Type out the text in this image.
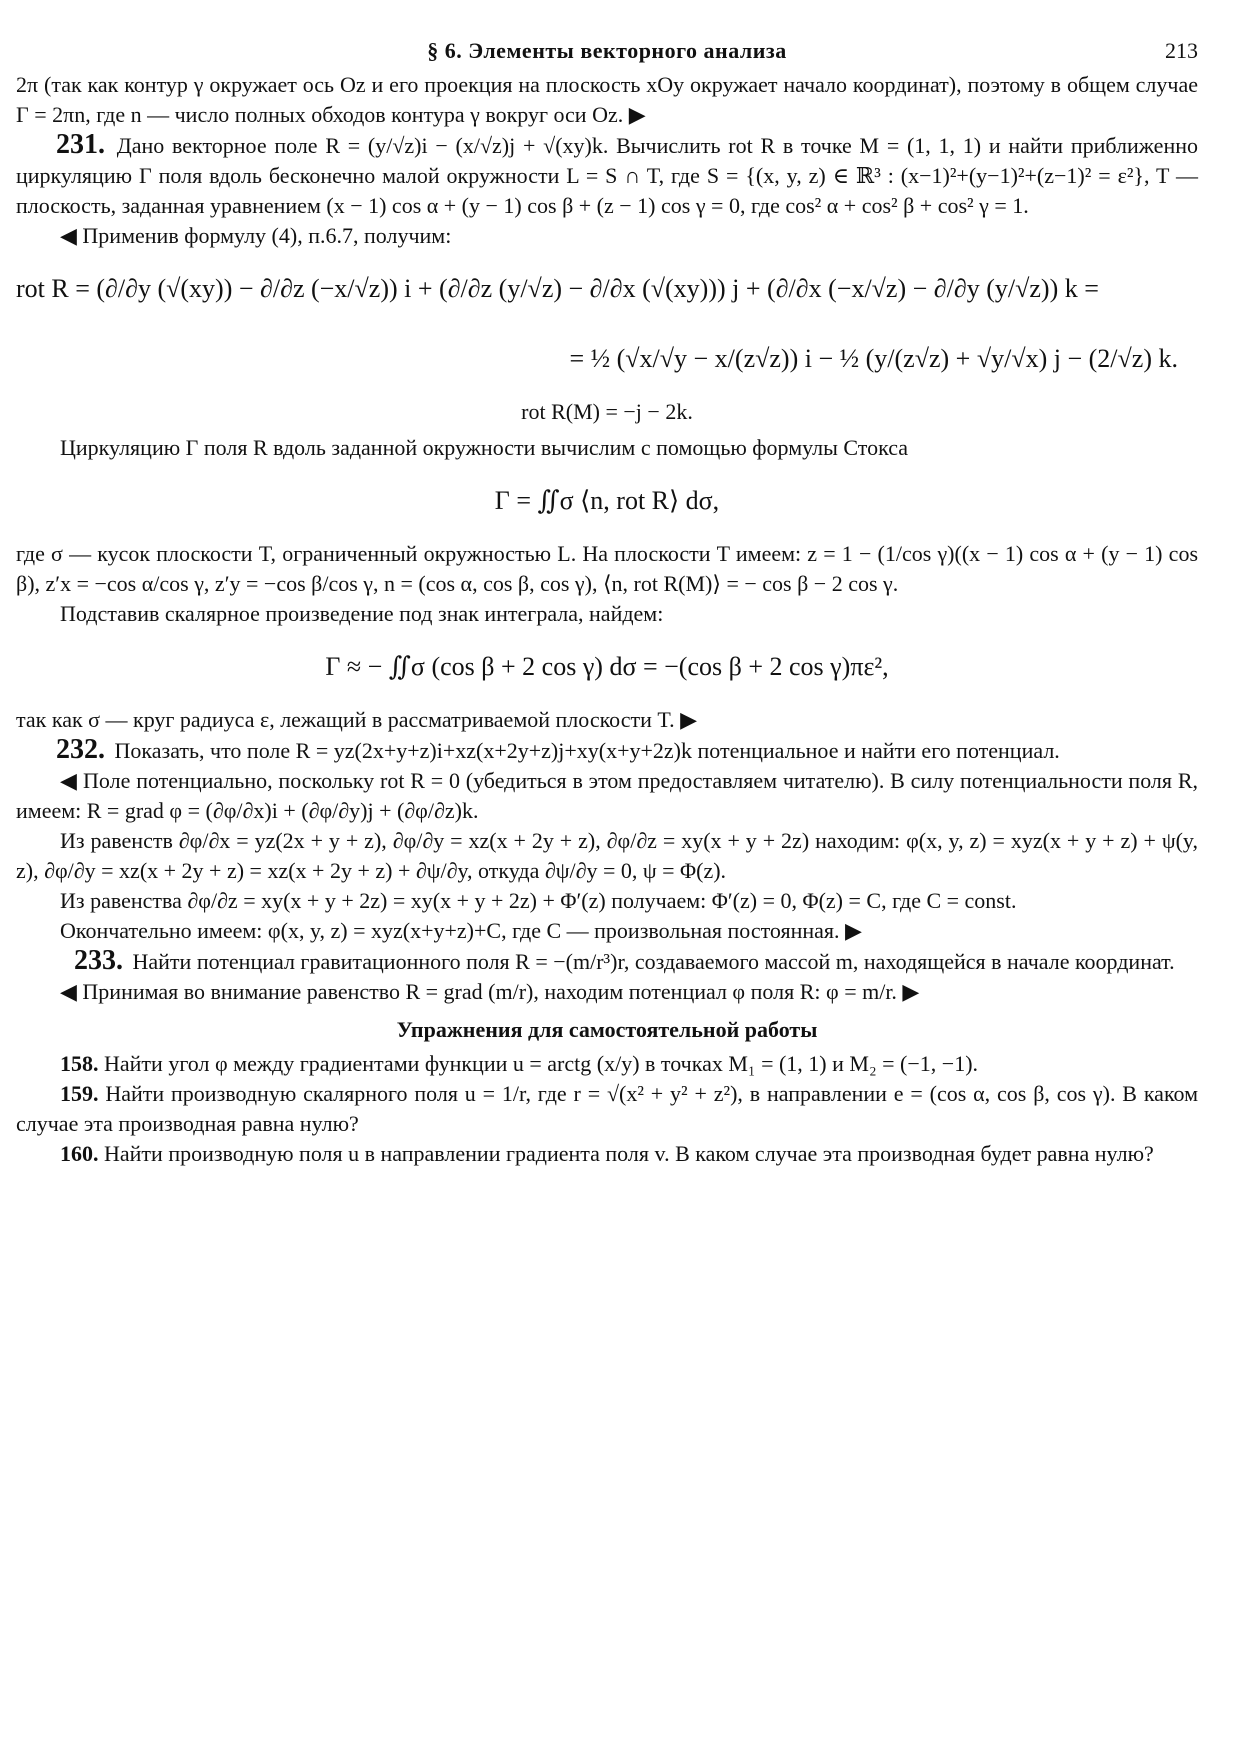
§ 6. Элементы векторного анализа	213

2π (так как контур γ окружает ось Oz и его проекция на плоскость xOy окружает начало координат), поэтому в общем случае Γ = 2πn, где n — число полных обходов контура γ вокруг оси Oz. ▶

231. Дано векторное поле R = (y/√z)i − (x/√z)j + √(xy)k. Вычислить rot R в точке M = (1, 1, 1) и найти приближенно циркуляцию Γ поля вдоль бесконечно малой окружности L = S ∩ T, где S = {(x, y, z) ∈ ℝ³ : (x−1)²+(y−1)²+(z−1)² = ε²}, T — плоскость, заданная уравнением (x − 1) cos α + (y − 1) cos β + (z − 1) cos γ = 0, где cos² α + cos² β + cos² γ = 1.

◀ Применив формулу (4), п.6.7, получим:

rot R = (∂/∂y (√(xy)) − ∂/∂z (−x/√z)) i + (∂/∂z (y/√z) − ∂/∂x (√(xy))) j + (∂/∂x (−x/√z) − ∂/∂y (y/√z)) k =
= ½ (√x/√y − x/(z√z)) i − ½ (y/(z√z) + √y/√x) j − (2/√z) k.
rot R(M) = −j − 2k.

Циркуляцию Γ поля R вдоль заданной окружности вычислим с помощью формулы Стокса

Γ = ∬σ ⟨n, rot R⟩ dσ,

где σ — кусок плоскости T, ограниченный окружностью L. На плоскости T имеем: z = 1 − (1/cos γ)((x − 1) cos α + (y − 1) cos β), z′x = −cos α/cos γ, z′y = −cos β/cos γ, n = (cos α, cos β, cos γ), ⟨n, rot R(M)⟩ = − cos β − 2 cos γ.

Подставив скалярное произведение под знак интеграла, найдем:

Γ ≈ − ∬σ (cos β + 2 cos γ) dσ = −(cos β + 2 cos γ)πε²,

так как σ — круг радиуса ε, лежащий в рассматриваемой плоскости T. ▶

232. Показать, что поле R = yz(2x+y+z)i+xz(x+2y+z)j+xy(x+y+2z)k потенциальное и найти его потенциал.

◀ Поле потенциально, поскольку rot R = 0 (убедиться в этом предоставляем читателю). В силу потенциальности поля R, имеем: R = grad φ = (∂φ/∂x)i + (∂φ/∂y)j + (∂φ/∂z)k.

Из равенств ∂φ/∂x = yz(2x + y + z), ∂φ/∂y = xz(x + 2y + z), ∂φ/∂z = xy(x + y + 2z) находим: φ(x, y, z) = xyz(x + y + z) + ψ(y, z), ∂φ/∂y = xz(x + 2y + z) = xz(x + 2y + z) + ∂ψ/∂y, откуда ∂ψ/∂y = 0, ψ = Φ(z).

Из равенства ∂φ/∂z = xy(x + y + 2z) = xy(x + y + 2z) + Φ′(z) получаем: Φ′(z) = 0, Φ(z) = C, где C = const.

Окончательно имеем: φ(x, y, z) = xyz(x+y+z)+C, где C — произвольная постоянная. ▶

233. Найти потенциал гравитационного поля R = −(m/r³)r, создаваемого массой m, находящейся в начале координат.

◀ Принимая во внимание равенство R = grad (m/r), находим потенциал φ поля R: φ = m/r. ▶

Упражнения для самостоятельной работы

158. Найти угол φ между градиентами функции u = arctg (x/y) в точках M₁ = (1, 1) и M₂ = (−1, −1).

159. Найти производную скалярного поля u = 1/r, где r = √(x² + y² + z²), в направлении e = (cos α, cos β, cos γ). В каком случае эта производная равна нулю?

160. Найти производную поля u в направлении градиента поля v. В каком случае эта производная будет равна нулю?
